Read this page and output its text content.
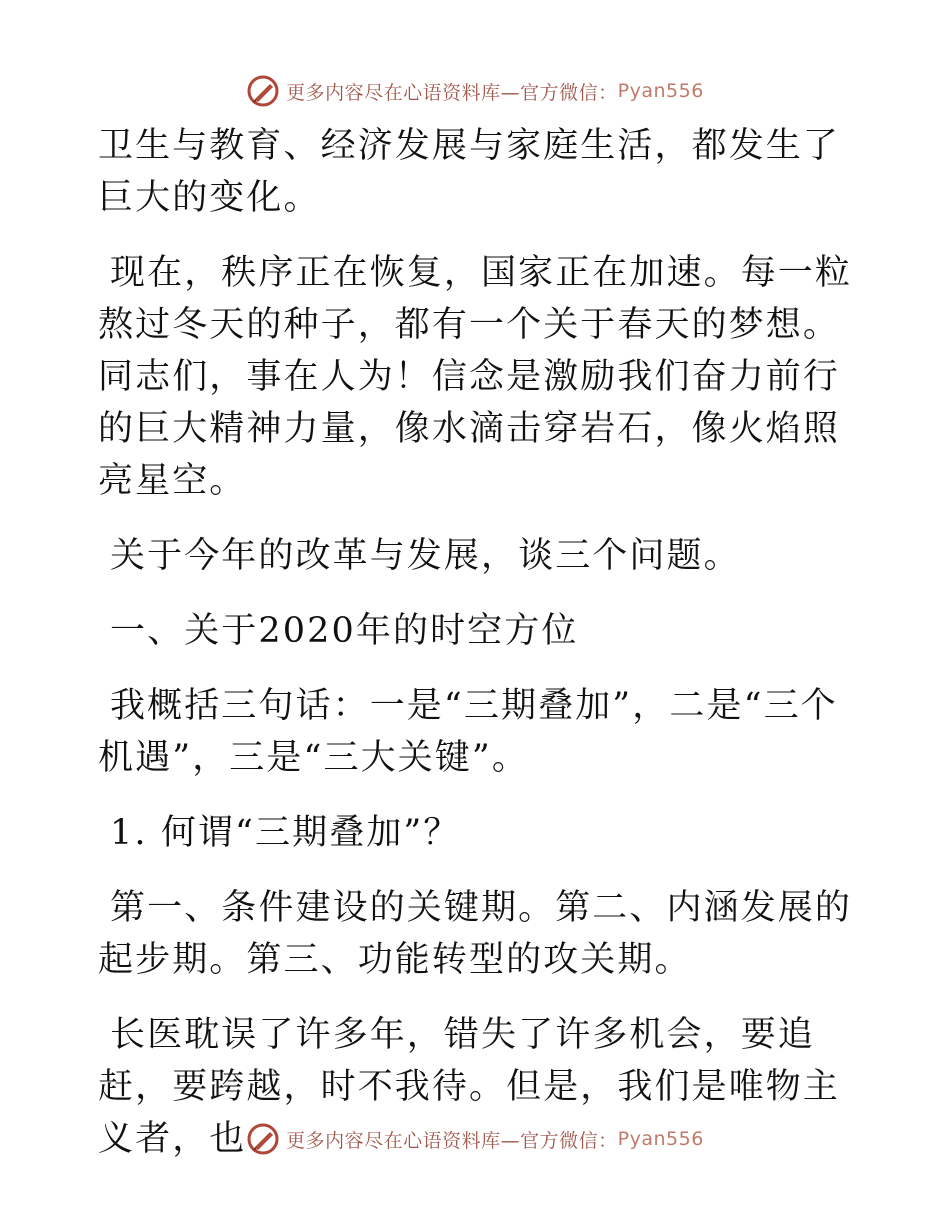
更多内容尽在心语资料库—官方微信： Pyan556

卫生与教育、经济发展与家庭生活，都发生了巨大的变化。

现在，秩序正在恢复，国家正在加速。每一粒熬过冬天的种子，都有一个关于春天的梦想。同志们，事在人为！信念是激励我们奋力前行的巨大精神力量，像水滴击穿岩石，像火焰照亮星空。

关于今年的改革与发展，谈三个问题。

一、关于2020年的时空方位

我概括三句话：一是“三期叠加”，二是“三个机遇”，三是“三大关键”。

1. 何谓“三期叠加”？

第一、条件建设的关键期。第二、内涵发展的起步期。第三、功能转型的攻关期。

长医耽误了许多年，错失了许多机会，要追赶，要跨越，时不我待。但是，我们是唯物主义者，也	更多内容尽在心语资料库—官方微信： Pyan556
